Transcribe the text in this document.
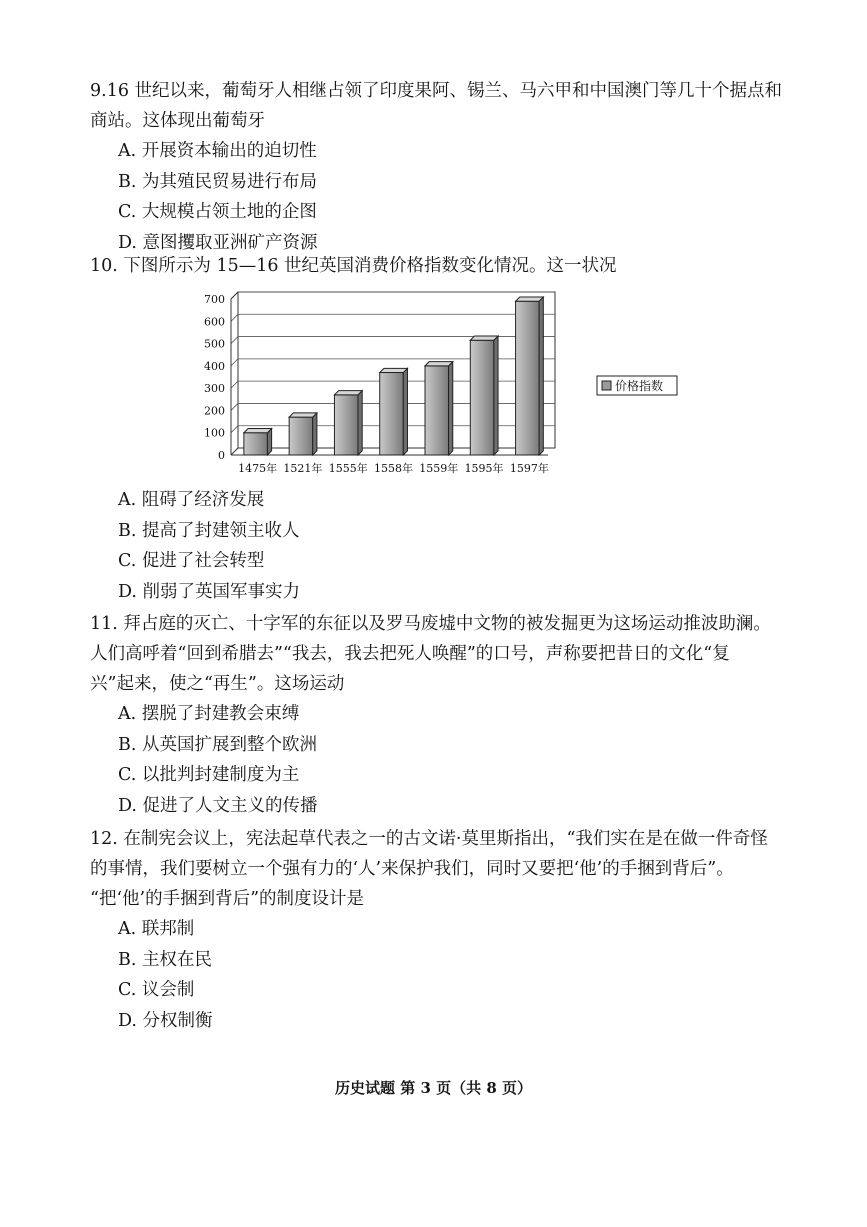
9.16 世纪以来，葡萄牙人相继占领了印度果阿、锡兰、马六甲和中国澳门等几十个据点和
商站。这体现出葡萄牙
A. 开展资本输出的迫切性
B. 为其殖民贸易进行布局
C. 大规模占领土地的企图
D. 意图攫取亚洲矿产资源
10. 下图所示为 15—16 世纪英国消费价格指数变化情况。这一状况
0
100
200
300
400
500
600
700
1475年 1521年 1555年 1558年 1559年 1595年 1597年
价格指数
A. 阻碍了经济发展
B. 提高了封建领主收人
C. 促进了社会转型
D. 削弱了英国军事实力
11. 拜占庭的灭亡、十字军的东征以及罗马废墟中文物的被发掘更为这场运动推波助澜。
人们高呼着“回到希腊去”“我去，我去把死人唤醒”的口号，声称要把昔日的文化“复
兴”起来，使之“再生”。这场运动
A. 摆脱了封建教会束缚
B. 从英国扩展到整个欧洲
C. 以批判封建制度为主
D. 促进了人文主义的传播
12. 在制宪会议上，宪法起草代表之一的古文诺·莫里斯指出，“我们实在是在做一件奇怪
的事情，我们要树立一个强有力的‘人’来保护我们，同时又要把‘他’的手捆到背后”。
“把‘他’的手捆到背后”的制度设计是
A. 联邦制
B. 主权在民
C. 议会制
D. 分权制衡
历史试题 第 3 页（共 8 页）
